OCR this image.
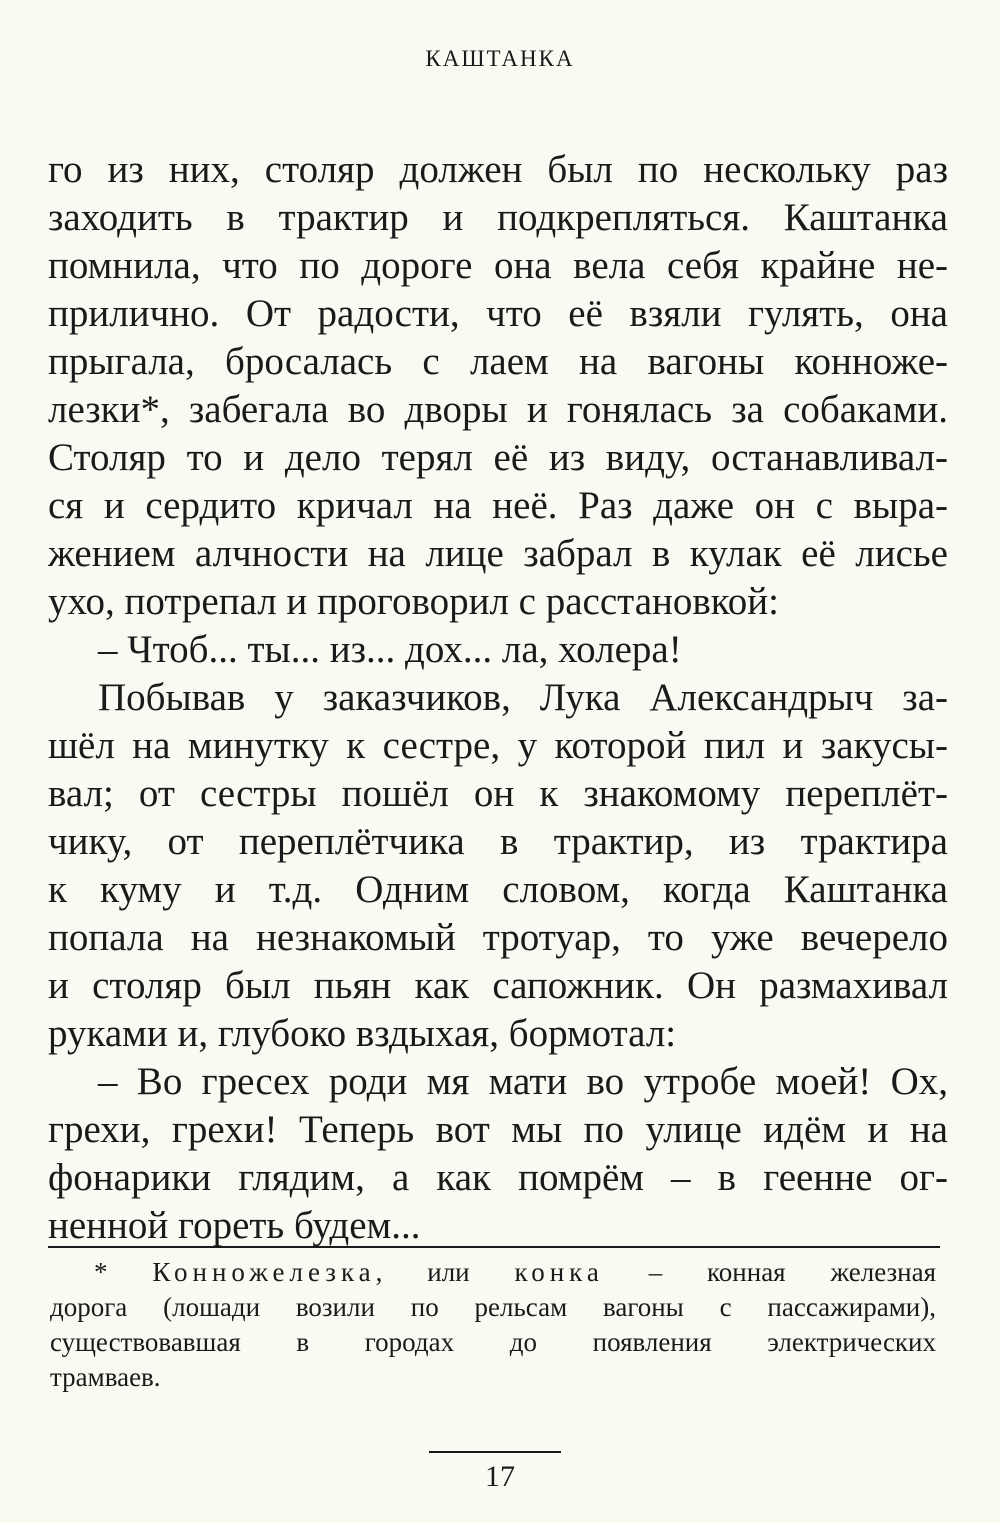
КАШТАНКА
го из них, столяр должен был по нескольку раз
заходить в трактир и подкрепляться. Каштанка
помнила, что по дороге она вела себя крайне не-
прилично. От радости, что её взяли гулять, она
прыгала, бросалась с лаем на вагоны конноже-
лезки*, забегала во дворы и гонялась за собаками.
Столяр то и дело терял её из виду, останавливал-
ся и сердито кричал на неё. Раз даже он с выра-
жением алчности на лице забрал в кулак её лисье
ухо, потрепал и проговорил с расстановкой:
– Чтоб... ты... из... дох... ла, холера!
Побывав у заказчиков, Лука Александрыч за-
шёл на минутку к сестре, у которой пил и закусы-
вал; от сестры пошёл он к знакомому переплёт-
чику, от переплётчика в трактир, из трактира
к куму и т.д. Одним словом, когда Каштанка
попала на незнакомый тротуар, то уже вечерело
и столяр был пьян как сапожник. Он размахивал
руками и, глубоко вздыхая, бормотал:
– Во гресех роди мя мати во утробе моей! Ох,
грехи, грехи! Теперь вот мы по улице идём и на
фонарики глядим, а как помрём – в геенне ог-
ненной гореть будем...
* Конножелезка, или конка – конная железная
дорога (лошади возили по рельсам вагоны с пассажирами),
существовавшая в городах до появления электрических
трамваев.
17
